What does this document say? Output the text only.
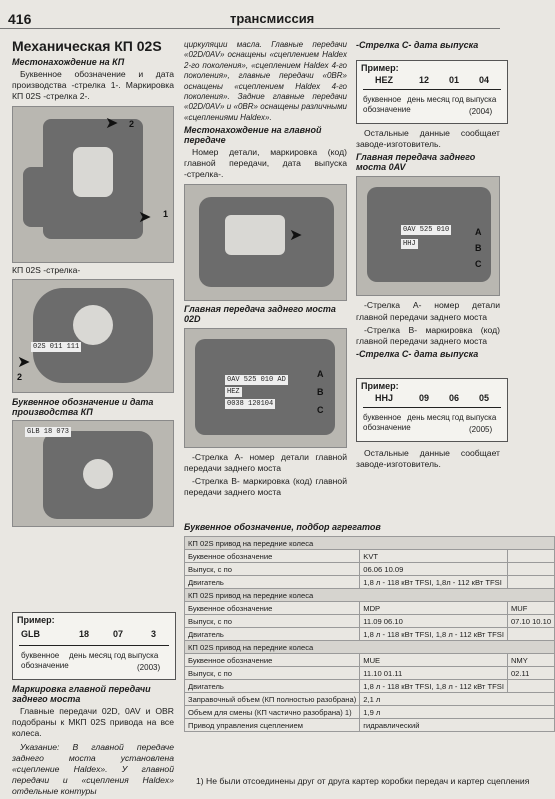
416	трансмиссия
Механическая КП 02S
Местонахождение на КП
Буквенное обозначение и дата производства -стрелка 1-. Маркировка КП 02S -стрелка 2-.
➤ 2
➤ 1
КП 02S -стрелка-
02S 011 111
➤
2
Буквенное обозначение и дата производства КП
GLB 18 073
Пример:
GLB	18	07	3
буквенное
обозначение
день месяц год выпуска
(2003)
Маркировка главной передачи заднего моста
Главные передачи 02D, 0AV и OBR подобраны к МКП 02S привода на все колеса.
Указание: В главной передаче заднего моста установлена «сцепление Haldex». У главной передачи и «сцепления Haldex» отдельные контуры
циркуляции масла. Главные передачи «02D/0AV» оснащены «сцеплением Haldex 2-го поколения», «сцеплением Haldex 4-го поколения», главные передачи «0BR» оснащены «сцеплением Haldex 4-го поколения». Задние главные передачи «02D/0AV» и «0BR» оснащены различными «сцеплениями Haldex».
Местонахождение на главной передаче
Номер детали, маркировка (код) главной передачи, дата выпуска -стрелка-.
➤
Главная передача заднего моста 02D
0AV 525 010 AD
HEZ
0038 120104
A
B
C
-Стрелка А- номер детали главной передачи заднего моста
-Стрелка В- маркировка (код) главной передачи заднего моста
-Стрелка С- дата выпуска
Пример:
HEZ	12 01 04
буквенное
обозначение
день месяц год выпуска
(2004)
Остальные данные сообщает заводе-изготовитель.
Главная передача заднего моста 0AV
0AV 525 010
HHJ
A
B
C
-Стрелка А- номер детали главной передачи заднего моста
-Стрелка В- маркировка (код) главной передачи заднего моста
-Стрелка С- дата выпуска
Пример:
HHJ	09 06 05
буквенное
обозначение
день месяц год выпуска
(2005)
Остальные данные сообщает заводе-изготовитель.
Буквенное обозначение, подбор агрегатов
КП 02S привод на передние колеса		
Буквенное обозначение	KVT	
Выпуск, с по	06.06 10.09	
Двигатель	1,8 л - 118 кВт TFSI, 1,8л - 112 кВт TFSI	
КП 02S привод на передние колеса		
Буквенное обозначение	MDP	MUF
Выпуск, с по	11.09 06.10	07.10 10.10
Двигатель	1,8 л - 118 кВт TFSI, 1,8 л - 112 кВт TFSI	
КП 02S привод на передние колеса		
Буквенное обозначение	MUE	NMY
Выпуск, с по	11.10 01.11	02.11
Двигатель	1,8 л - 118 кВт TFSI, 1,8 л - 112 кВт TFSI	
Заправочный объем (КП полностью разобрана)	2,1 л	
Объем для смены (КП частично разобрана) 1)	1,9 л	
Привод управления сцеплением	гидравлический	
1) Не были отсоединены друг от друга картер коробки передач и картер сцепления
